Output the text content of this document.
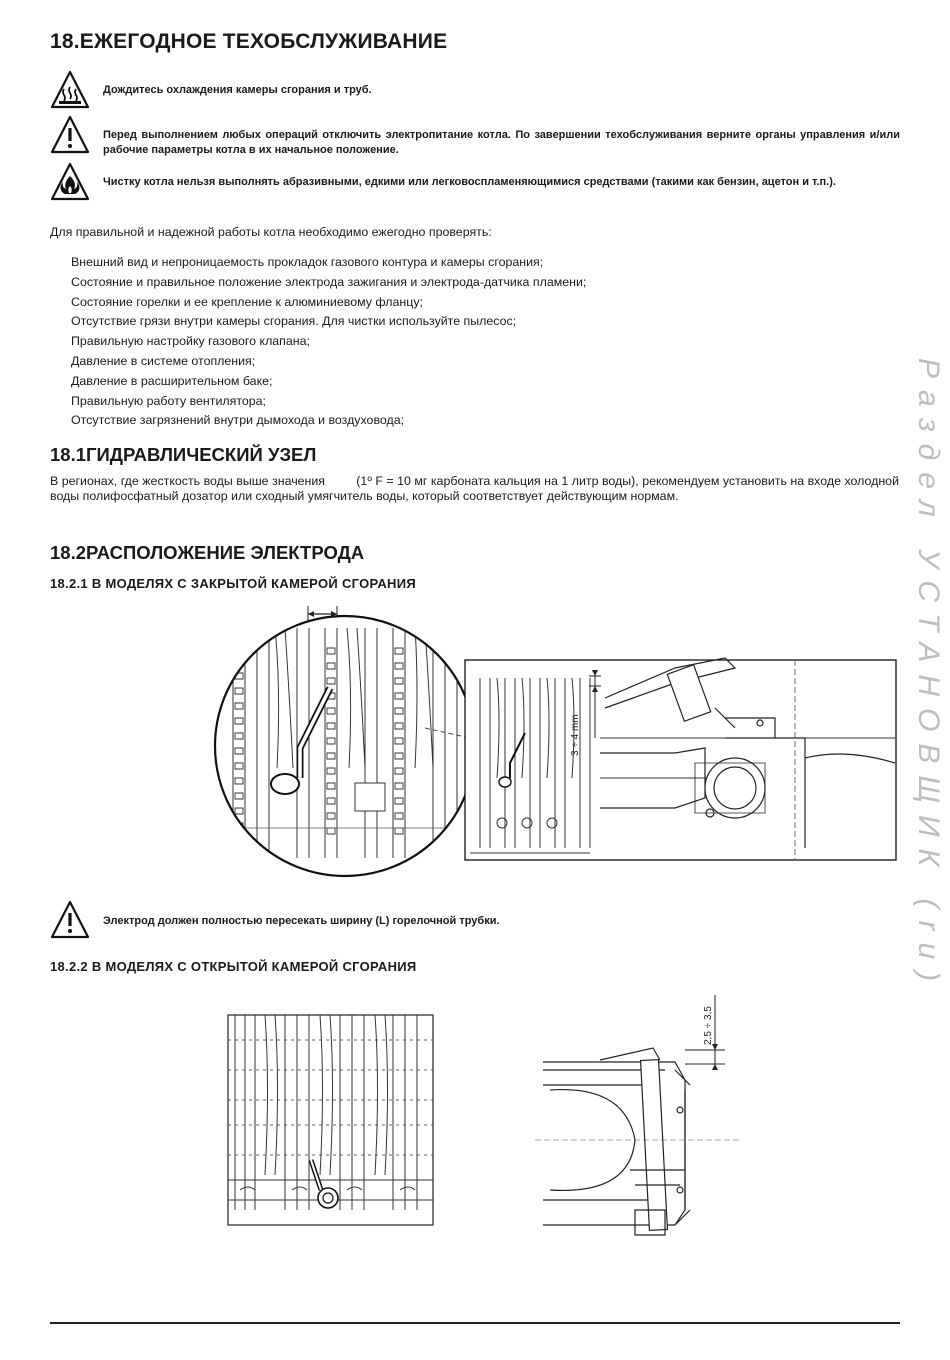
18.ЕЖЕГОДНОЕ ТЕХОБСЛУЖИВАНИЕ
Дождитесь охлаждения камеры сгорания и труб.
Перед выполнением любых операций отключить электропитание котла. По завершении техобслуживания верните органы управления и/или рабочие параметры котла в их начальное положение.
Чистку котла нельзя выполнять абразивными, едкими или легковоспламеняющимися средствами (такими как бензин, ацетон и т.п.).
Для правильной и надежной работы котла необходимо ежегодно проверять:
Внешний вид и непроницаемость прокладок газового контура и камеры сгорания;
Состояние и правильное положение электрода зажигания и электрода-датчика пламени;
Состояние горелки и ее крепление к алюминиевому фланцу;
Отсутствие грязи внутри камеры сгорания. Для чистки используйте пылесос;
Правильную настройку газового клапана;
Давление в системе отопления;
Давление в расширительном баке;
Правильную работу вентилятора;
Отсутствие загрязнений внутри дымохода и воздуховода;
18.1ГИДРАВЛИЧЕСКИЙ УЗЕЛ
В регионах, где жесткость воды выше значения         (1º F = 10 мг карбоната кальция на 1 литр воды), рекомендуем установить на входе холодной воды полифосфатный дозатор или сходный умягчитель воды, который соответствует действующим нормам.
18.2РАСПОЛОЖЕНИЕ ЭЛЕКТРОДА
18.2.1 В МОДЕЛЯХ С ЗАКРЫТОЙ КАМЕРОЙ СГОРАНИЯ
3 ÷ 4 mm
Электрод должен полностью пересекать ширину (L) горелочной трубки.
18.2.2 В МОДЕЛЯХ С ОТКРЫТОЙ КАМЕРОЙ СГОРАНИЯ
2,5 ÷ 3,5
Раздел УСТАНОВЩИК (ru)
